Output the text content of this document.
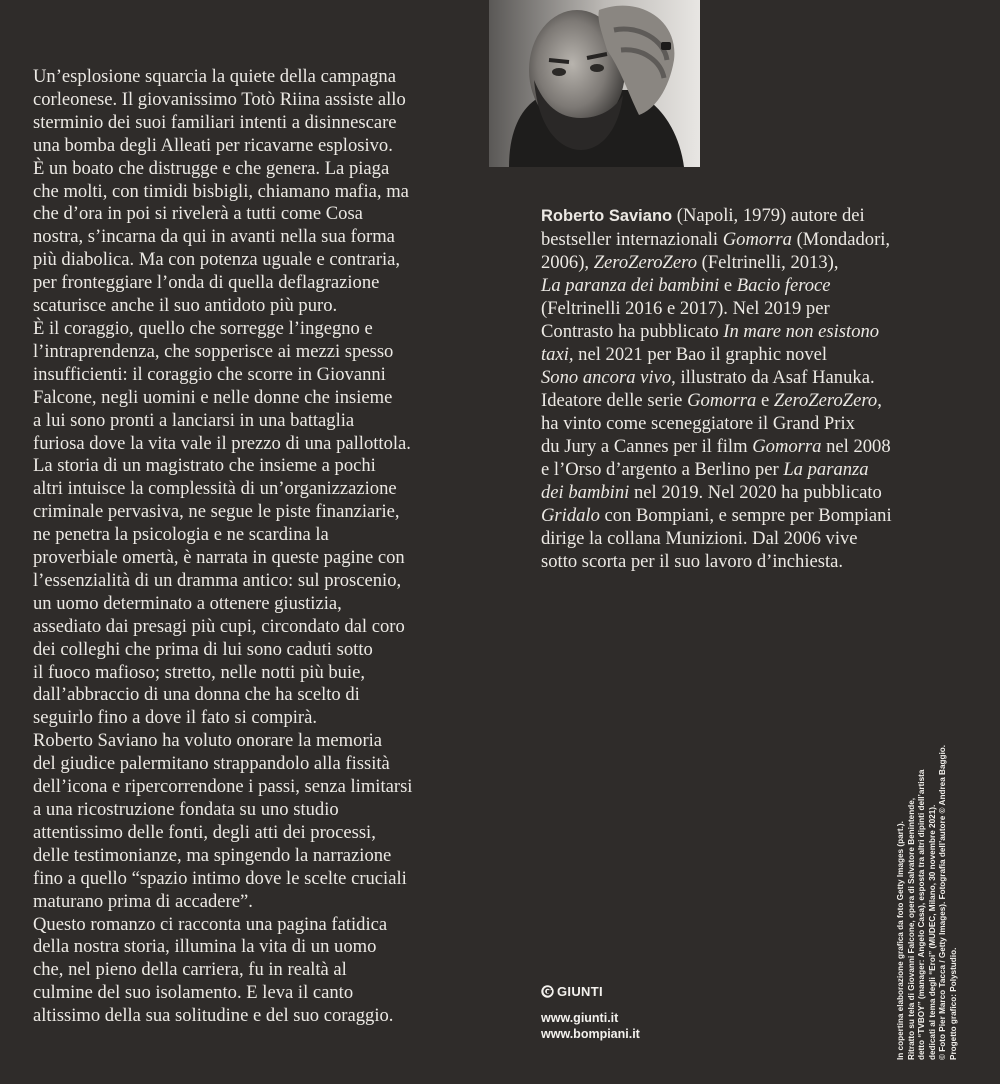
Un’esplosione squarcia la quiete della campagna

corleonese. Il giovanissimo Totò Riina assiste allo

sterminio dei suoi familiari intenti a disinnescare

una bomba degli Alleati per ricavarne esplosivo.

È un boato che distrugge e che genera. La piaga

che molti, con timidi bisbigli, chiamano mafia, ma

che d’ora in poi si rivelerà a tutti come Cosa

nostra, s’incarna da qui in avanti nella sua forma

più diabolica. Ma con potenza uguale e contraria,

per fronteggiare l’onda di quella deflagrazione

scaturisce anche il suo antidoto più puro.

È il coraggio, quello che sorregge l’ingegno e

l’intraprendenza, che sopperisce ai mezzi spesso

insufficienti: il coraggio che scorre in Giovanni

Falcone, negli uomini e nelle donne che insieme

a lui sono pronti a lanciarsi in una battaglia

furiosa dove la vita vale il prezzo di una pallottola.

La storia di un magistrato che insieme a pochi

altri intuisce la complessità di un’organizzazione

criminale pervasiva, ne segue le piste finanziarie,

ne penetra la psicologia e ne scardina la

proverbiale omertà, è narrata in queste pagine con

l’essenzialità di un dramma antico: sul proscenio,

un uomo determinato a ottenere giustizia,

assediato dai presagi più cupi, circondato dal coro

dei colleghi che prima di lui sono caduti sotto

il fuoco mafioso; stretto, nelle notti più buie,

dall’abbraccio di una donna che ha scelto di

seguirlo fino a dove il fato si compirà.

Roberto Saviano ha voluto onorare la memoria

del giudice palermitano strappandolo alla fissità

dell’icona e ripercorrendone i passi, senza limitarsi

a una ricostruzione fondata su uno studio

attentissimo delle fonti, degli atti dei processi,

delle testimonianze, ma spingendo la narrazione

fino a quello “spazio intimo dove le scelte cruciali

maturano prima di accadere”.

Questo romanzo ci racconta una pagina fatidica

della nostra storia, illumina la vita di un uomo

che, nel pieno della carriera, fu in realtà al

culmine del suo isolamento. E leva il canto

altissimo della sua solitudine e del suo coraggio.

Roberto Saviano (Napoli, 1979) autore dei
bestseller internazionali Gomorra (Mondadori,
2006), ZeroZeroZero (Feltrinelli, 2013),
La paranza dei bambini e Bacio feroce
(Feltrinelli 2016 e 2017). Nel 2019 per
Contrasto ha pubblicato In mare non esistono
taxi, nel 2021 per Bao il graphic novel
Sono ancora vivo, illustrato da Asaf Hanuka.
Ideatore delle serie Gomorra e ZeroZeroZero,
ha vinto come sceneggiatore il Grand Prix
du Jury a Cannes per il film Gomorra nel 2008
e l’Orso d’argento a Berlino per La paranza
dei bambini nel 2019. Nel 2020 ha pubblicato
Gridalo con Bompiani, e sempre per Bompiani
dirige la collana Munizioni. Dal 2006 vive
sotto scorta per il suo lavoro d’inchiesta.
GIUNTI
www.giunti.it
www.bompiani.it	In copertina elaborazione grafica da foto Getty Images (part.). Ritratto su tela di Giovanni Falcone, opera di Salvatore Benintende, detto “TVBOY” (manager: Angelo Casa), esposta tra altri dipinti dell’artista dedicati al tema degli “Eroi” (MUDEC, Milano, 30 novembre 2021). © Foto Pier Marco Tacca / Getty Images). Fotografia dell’autore © Andrea Baggio. Progetto grafico: Polystudio.
